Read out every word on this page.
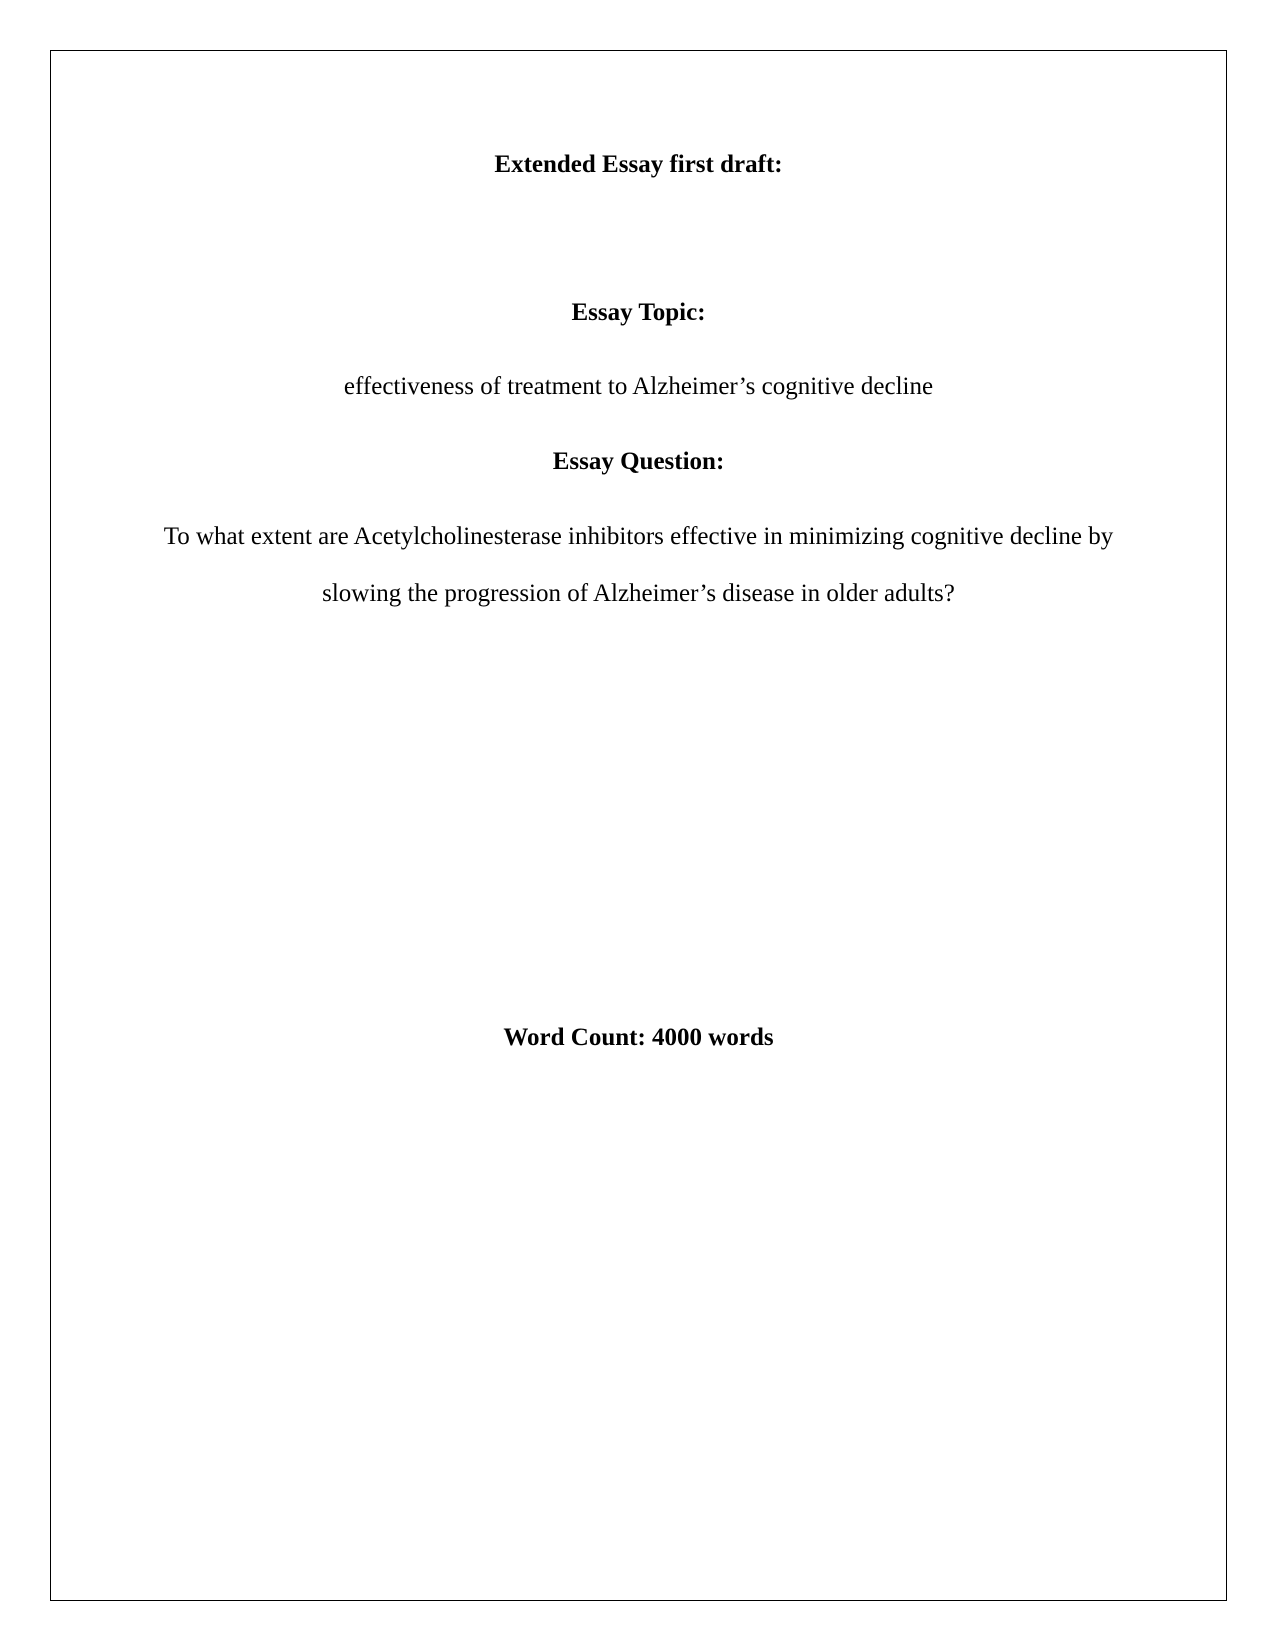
Extended Essay first draft:
Essay Topic:
effectiveness of treatment to Alzheimer’s cognitive decline
Essay Question:
To what extent are Acetylcholinesterase inhibitors effective in minimizing cognitive decline by
slowing the progression of Alzheimer’s disease in older adults?
Word Count: 4000 words
